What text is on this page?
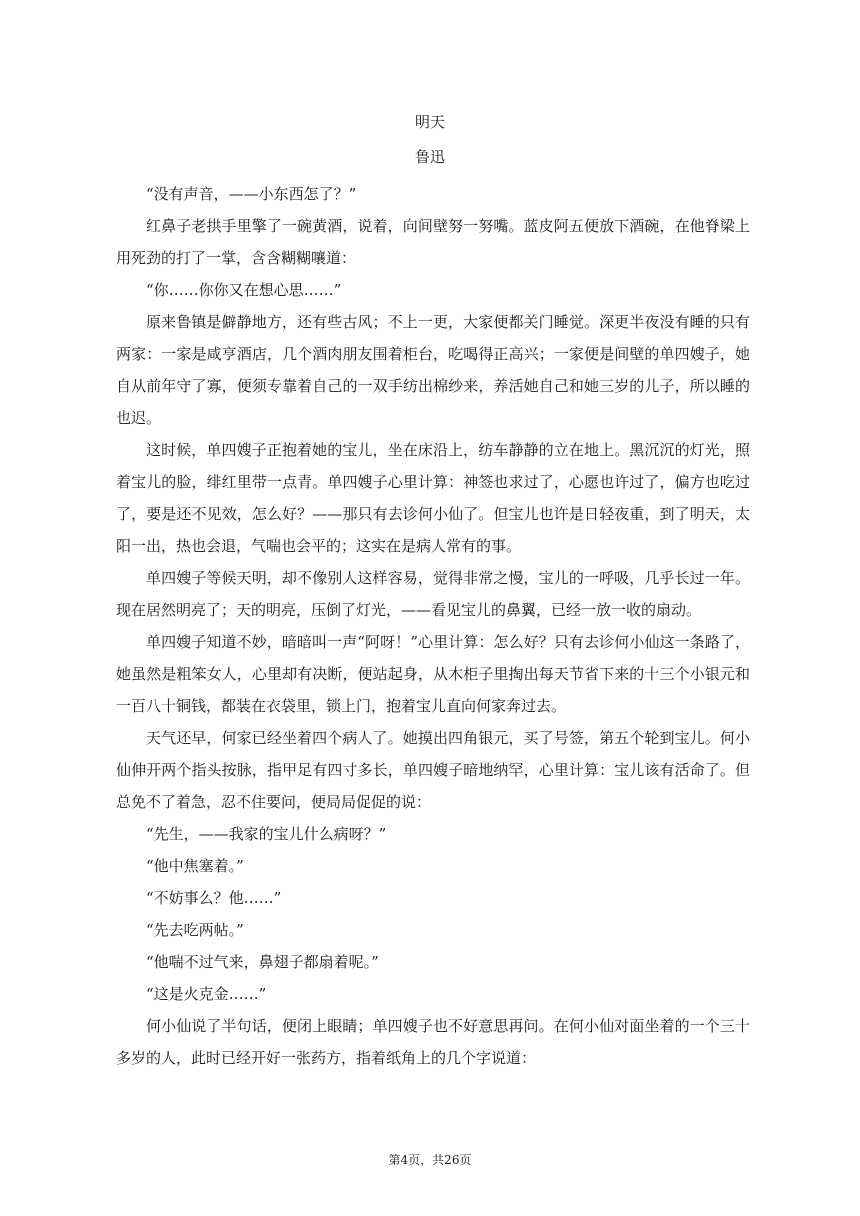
明天
鲁迅

“没有声音，——小东西怎了？”

红鼻子老拱手里擎了一碗黄酒，说着，向间壁努一努嘴。蓝皮阿五便放下酒碗，在他脊梁上用死劲的打了一掌，含含糊糊嚷道：

“你……你你又在想心思……”

原来鲁镇是僻静地方，还有些古风；不上一更，大家便都关门睡觉。深更半夜没有睡的只有两家：一家是咸亨酒店，几个酒肉朋友围着柜台，吃喝得正高兴；一家便是间壁的单四嫂子，她自从前年守了寡，便须专靠着自己的一双手纺出棉纱来，养活她自己和她三岁的儿子，所以睡的也迟。

这时候，单四嫂子正抱着她的宝儿，坐在床沿上，纺车静静的立在地上。黑沉沉的灯光，照着宝儿的脸，绯红里带一点青。单四嫂子心里计算：神签也求过了，心愿也许过了，偏方也吃过了，要是还不见效，怎么好？——那只有去诊何小仙了。但宝儿也许是日轻夜重，到了明天，太阳一出，热也会退，气喘也会平的；这实在是病人常有的事。

单四嫂子等候天明，却不像别人这样容易，觉得非常之慢，宝儿的一呼吸，几乎长过一年。现在居然明亮了；天的明亮，压倒了灯光，——看见宝儿的鼻翼，已经一放一收的扇动。

单四嫂子知道不妙，暗暗叫一声“阿呀！”心里计算：怎么好？只有去诊何小仙这一条路了，她虽然是粗笨女人，心里却有决断，便站起身，从木柜子里掏出每天节省下来的十三个小银元和一百八十铜钱，都装在衣袋里，锁上门，抱着宝儿直向何家奔过去。

天气还早，何家已经坐着四个病人了。她摸出四角银元，买了号签，第五个轮到宝儿。何小仙伸开两个指头按脉，指甲足有四寸多长，单四嫂子暗地纳罕，心里计算：宝儿该有活命了。但总免不了着急，忍不住要问，便局局促促的说：

“先生，——我家的宝儿什么病呀？”

“他中焦塞着。”

“不妨事么？他……”

“先去吃两帖。”

“他喘不过气来，鼻翅子都扇着呢。”

“这是火克金……”

何小仙说了半句话，便闭上眼睛；单四嫂子也不好意思再问。在何小仙对面坐着的一个三十多岁的人，此时已经开好一张药方，指着纸角上的几个字说道：

第4页，共26页
